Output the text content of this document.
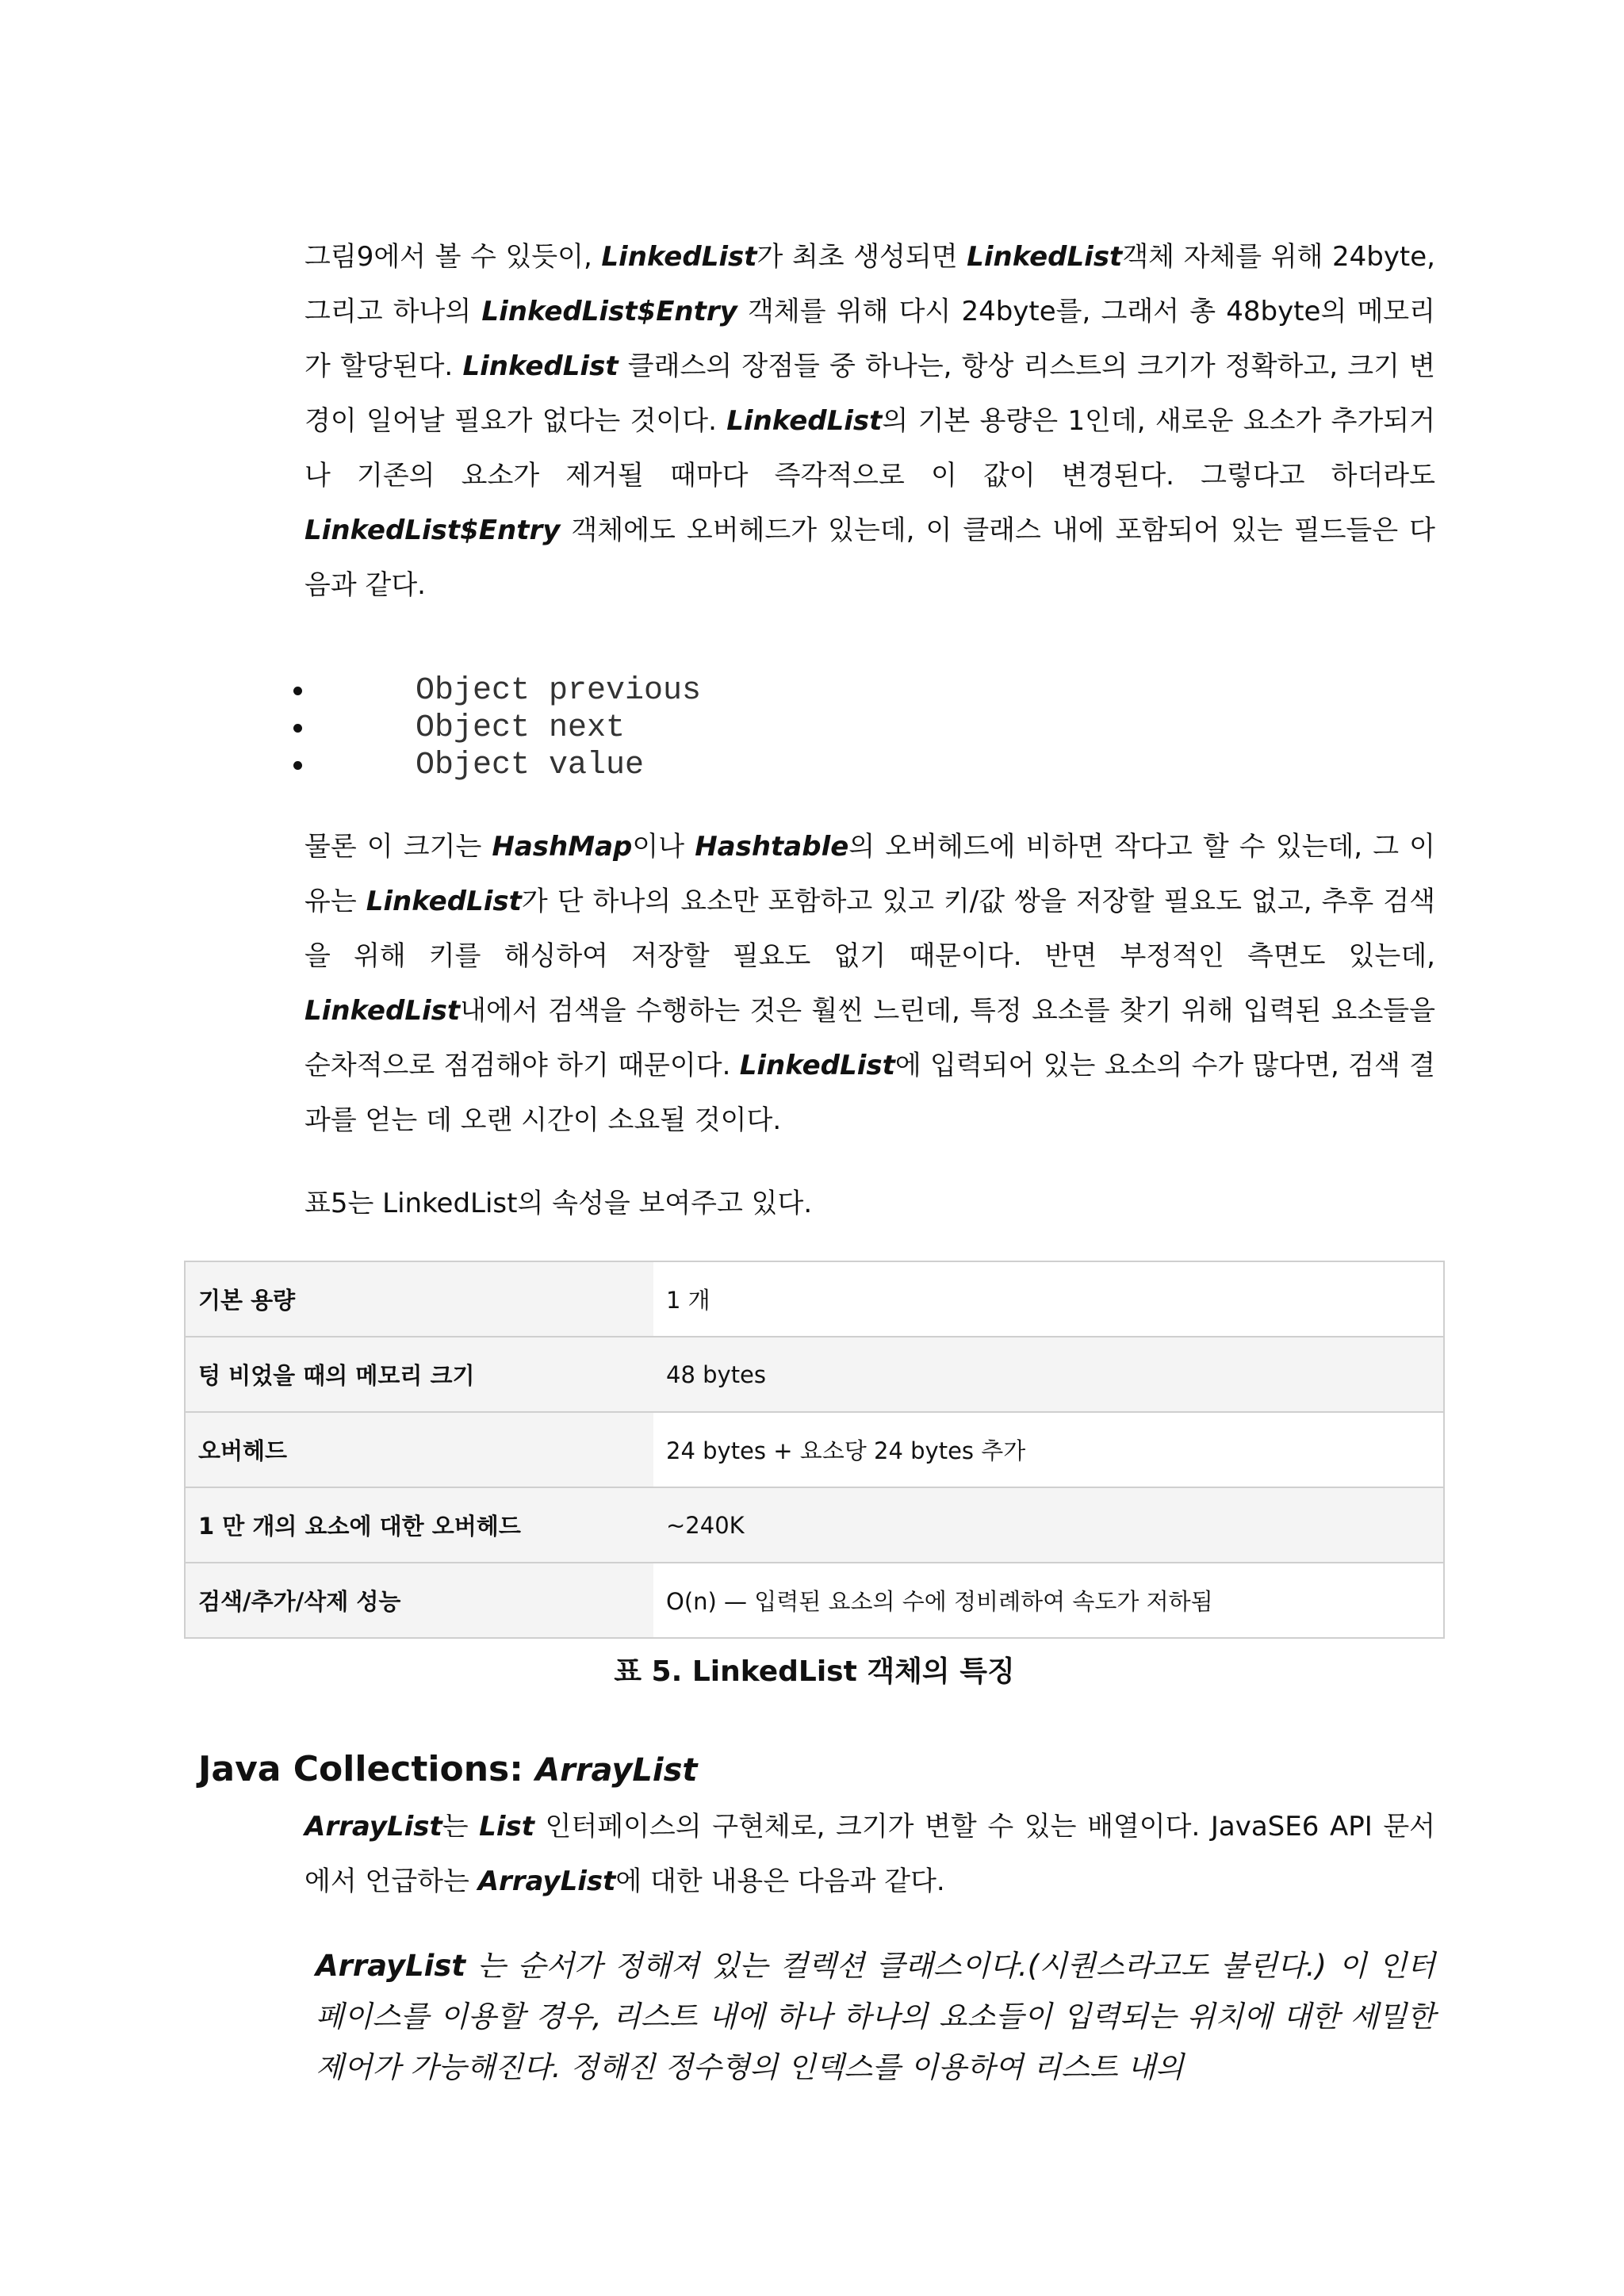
그림9에서 볼 수 있듯이, LinkedList가 최초 생성되면 LinkedList객체 자체를 위해 24byte, 그리고 하나의 LinkedList$Entry 객체를 위해 다시 24byte를, 그래서 총 48byte의 메모리가 할당된다. LinkedList 클래스의 장점들 중 하나는, 항상 리스트의 크기가 정확하고, 크기 변경이 일어날 필요가 없다는 것이다. LinkedList의 기본 용량은 1인데, 새로운 요소가 추가되거나 기존의 요소가 제거될 때마다 즉각적으로 이 값이 변경된다. 그렇다고 하더라도 LinkedList$Entry 객체에도 오버헤드가 있는데, 이 클래스 내에 포함되어 있는 필드들은 다음과 같다.

Object previous
Object next
Object value

물론 이 크기는 HashMap이나 Hashtable의 오버헤드에 비하면 작다고 할 수 있는데, 그 이유는 LinkedList가 단 하나의 요소만 포함하고 있고 키/값 쌍을 저장할 필요도 없고, 추후 검색을 위해 키를 해싱하여 저장할 필요도 없기 때문이다. 반면 부정적인 측면도 있는데, LinkedList내에서 검색을 수행하는 것은 훨씬 느린데, 특정 요소를 찾기 위해 입력된 요소들을 순차적으로 점검해야 하기 때문이다. LinkedList에 입력되어 있는 요소의 수가 많다면, 검색 결과를 얻는 데 오랜 시간이 소요될 것이다.

표5는 LinkedList의 속성을 보여주고 있다.

기본 용량	1 개
텅 비었을 때의 메모리 크기	48 bytes
오버헤드	24 bytes + 요소당 24 bytes 추가
1 만 개의 요소에 대한 오버헤드	~240K
검색/추가/삭제 성능	O(n) — 입력된 요소의 수에 정비례하여 속도가 저하됨
표 5. LinkedList 객체의 특징
Java Collections: ArrayList

ArrayList는 List 인터페이스의 구현체로, 크기가 변할 수 있는 배열이다. JavaSE6 API 문서에서 언급하는 ArrayList에 대한 내용은 다음과 같다.

ArrayList 는 순서가 정해져 있는 컬렉션 클래스이다.(시퀀스라고도 불린다.) 이 인터페이스를 이용할 경우, 리스트 내에 하나 하나의 요소들이 입력되는 위치에 대한 세밀한 제어가 가능해진다. 정해진 정수형의 인덱스를 이용하여 리스트 내의
